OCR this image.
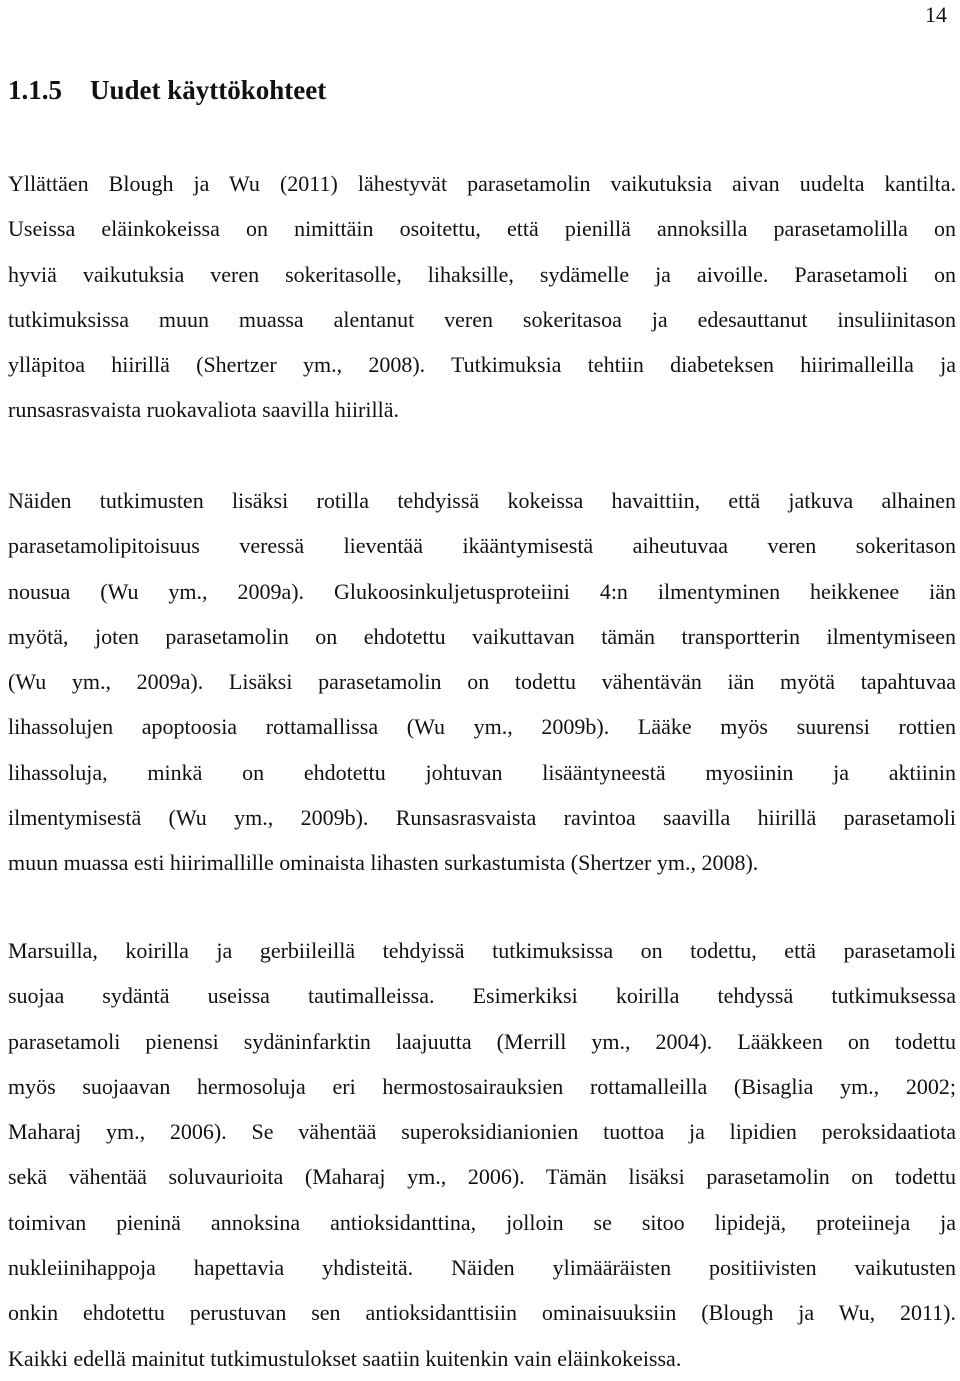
14
1.1.5 Uudet käyttökohteet

Yllättäen Blough ja Wu (2011) lähestyvät parasetamolin vaikutuksia aivan uudelta kantilta.
Useissa eläinkokeissa on nimittäin osoitettu, että pienillä annoksilla parasetamolilla on
hyviä vaikutuksia veren sokeritasolle, lihaksille, sydämelle ja aivoille. Parasetamoli on
tutkimuksissa muun muassa alentanut veren sokeritasoa ja edesauttanut insuliinitason
ylläpitoa hiirillä (Shertzer ym., 2008). Tutkimuksia tehtiin diabeteksen hiirimalleilla ja
runsasrasvaista ruokavaliota saavilla hiirillä.

Näiden tutkimusten lisäksi rotilla tehdyissä kokeissa havaittiin, että jatkuva alhainen
parasetamolipitoisuus veressä lieventää ikääntymisestä aiheutuvaa veren sokeritason
nousua (Wu ym., 2009a). Glukoosinkuljetusproteiini 4:n ilmentyminen heikkenee iän
myötä, joten parasetamolin on ehdotettu vaikuttavan tämän transportterin ilmentymiseen
(Wu ym., 2009a). Lisäksi parasetamolin on todettu vähentävän iän myötä tapahtuvaa
lihassolujen apoptoosia rottamallissa (Wu ym., 2009b). Lääke myös suurensi rottien
lihassoluja, minkä on ehdotettu johtuvan lisääntyneestä myosiinin ja aktiinin
ilmentymisestä (Wu ym., 2009b). Runsasrasvaista ravintoa saavilla hiirillä parasetamoli
muun muassa esti hiirimallille ominaista lihasten surkastumista (Shertzer ym., 2008).

Marsuilla, koirilla ja gerbiileillä tehdyissä tutkimuksissa on todettu, että parasetamoli
suojaa sydäntä useissa tautimalleissa. Esimerkiksi koirilla tehdyssä tutkimuksessa
parasetamoli pienensi sydäninfarktin laajuutta (Merrill ym., 2004). Lääkkeen on todettu
myös suojaavan hermosoluja eri hermostosairauksien rottamalleilla (Bisaglia ym., 2002;
Maharaj ym., 2006). Se vähentää superoksidianionien tuottoa ja lipidien peroksidaatiota
sekä vähentää soluvaurioita (Maharaj ym., 2006). Tämän lisäksi parasetamolin on todettu
toimivan pieninä annoksina antioksidanttina, jolloin se sitoo lipidejä, proteiineja ja
nukleiinihappoja hapettavia yhdisteitä. Näiden ylimääräisten positiivisten vaikutusten
onkin ehdotettu perustuvan sen antioksidanttisiin ominaisuuksiin (Blough ja Wu, 2011).
Kaikki edellä mainitut tutkimustulokset saatiin kuitenkin vain eläinkokeissa.
